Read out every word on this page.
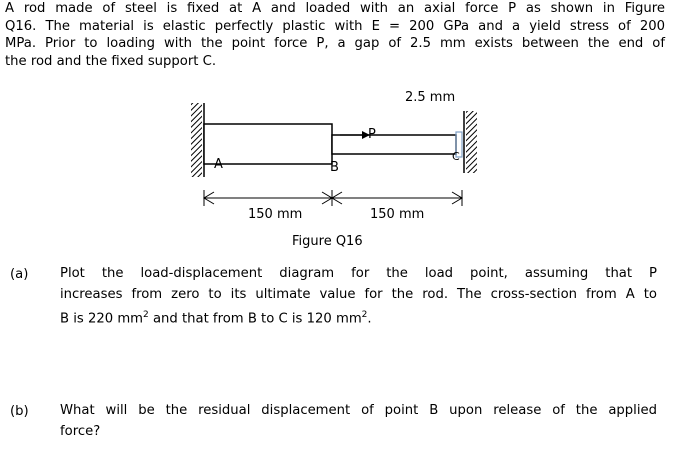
A rod made of steel is fixed at A and loaded with an axial force P as shown in Figure
Q16. The material is elastic perfectly plastic with E = 200 GPa and a yield stress of 200
MPa. Prior to loading with the point force P, a gap of 2.5 mm exists between the end of
the rod and the fixed support C.
2.5 mm
P
A	B
C
150 mm	150 mm
Figure Q16
(a) Plot the load-displacement diagram for the load point, assuming that P
increases from zero to its ultimate value for the rod. The cross-section from A to
B is 220 $mm^2$ and that from B to C is 120 $mm^2$.
(b) What will be the residual displacement of point B upon release of the applied
force?
